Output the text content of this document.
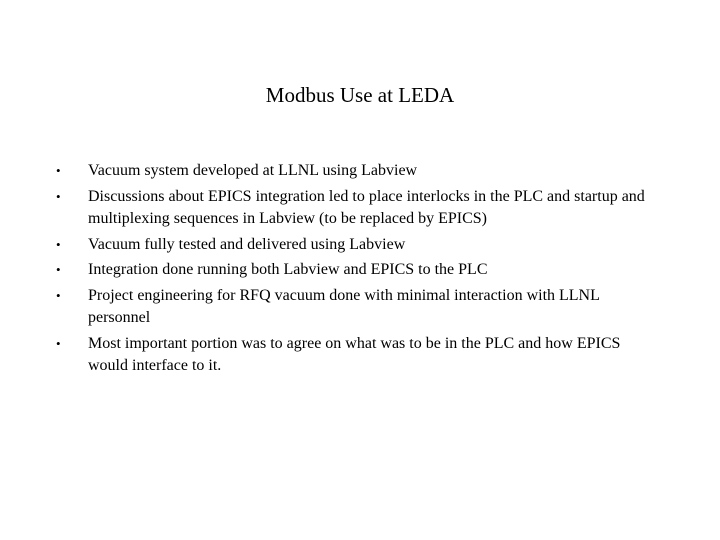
Modbus Use at LEDA
•	Vacuum system developed at LLNL using Labview
•	Discussions about EPICS integration led to place interlocks in the PLC and startup and multiplexing sequences in Labview (to be replaced by EPICS)
•	Vacuum fully tested and delivered using Labview
•	Integration done running both Labview and EPICS to the PLC
•	Project engineering for RFQ vacuum done with minimal interaction with LLNL personnel
•	Most important portion was to agree on what was to be in the PLC and how EPICS would interface to it.
